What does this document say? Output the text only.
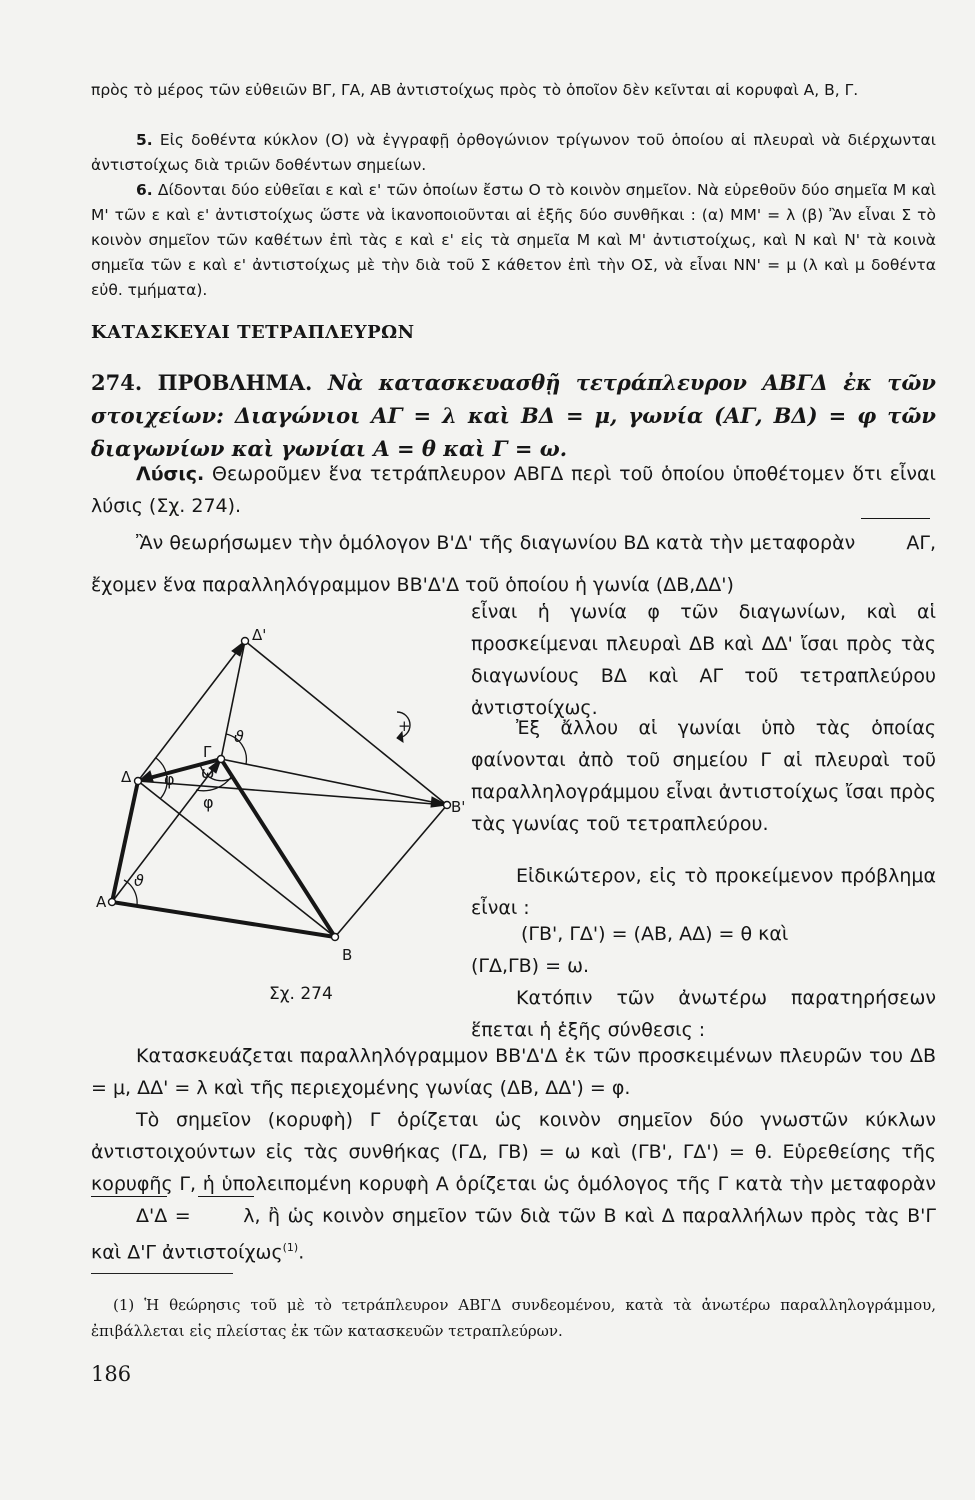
πρὸς τὸ μέρος τῶν εὐθειῶν ΒΓ, ΓΑ, ΑΒ ἀντιστοίχως πρὸς τὸ ὁποῖον δὲν κεῖνται αἱ κορυφαὶ Α, Β, Γ.

5. Εἰς δοθέντα κύκλον (Ο) νὰ ἐγγραφῇ ὀρθογώνιον τρίγωνον τοῦ ὁποίου αἱ πλευραὶ νὰ διέρχωνται ἀντιστοίχως διὰ τριῶν δοθέντων σημείων.

6. Δίδονται δύο εὐθεῖαι ε καὶ ε' τῶν ὁποίων ἔστω Ο τὸ κοινὸν σημεῖον. Νὰ εὑρεθοῦν δύο σημεῖα Μ καὶ Μ' τῶν ε καὶ ε' ἀντιστοίχως ὥστε νὰ ἱκανοποιοῦνται αἱ ἑξῆς δύο συνθῆκαι : (α) ΜΜ' = λ (β) Ἂν εἶναι Σ τὸ κοινὸν σημεῖον τῶν καθέτων ἐπὶ τὰς ε καὶ ε' εἰς τὰ σημεῖα Μ καὶ Μ' ἀντιστοίχως, καὶ Ν καὶ Ν' τὰ κοινὰ σημεῖα τῶν ε καὶ ε' ἀντιστοίχως μὲ τὴν διὰ τοῦ Σ κάθετον ἐπὶ τὴν ΟΣ, νὰ εἶναι ΝΝ' = μ (λ καὶ μ δοθέντα εὐθ. τμήματα).

ΚΑΤΑΣΚΕΥΑΙ ΤΕΤΡΑΠΛΕΥΡΩΝ

274. ΠΡΟΒΛΗΜΑ. Νὰ κατασκευασθῇ τετράπλευρον ΑΒΓΔ ἐκ τῶν στοιχείων: Διαγώνιοι ΑΓ = λ καὶ ΒΔ = μ, γωνία (ΑΓ, ΒΔ) = φ τῶν διαγωνίων καὶ γωνίαι Α = θ καὶ Γ = ω.

Λύσις. Θεωροῦμεν ἕνα τετράπλευρον ΑΒΓΔ περὶ τοῦ ὁποίου ὑποθέτομεν ὅτι εἶναι λύσις (Σχ. 274).

Ἂν θεωρήσωμεν τὴν ὁμόλογον Β'Δ' τῆς διαγωνίου ΒΔ κατὰ τὴν μεταφορὰν	ΑΓ, ἔχομεν ἕνα παραλληλόγραμμον ΒΒ'Δ'Δ τοῦ ὁποίου ἡ γωνία (ΔΒ,ΔΔ')

εἶναι ἡ γωνία φ τῶν διαγωνίων, καὶ αἱ προσκείμεναι πλευραὶ ΔΒ καὶ ΔΔ' ἴσαι πρὸς τὰς διαγωνίους ΒΔ καὶ ΑΓ τοῦ τετραπλεύρου ἀντιστοίχως.

Ἐξ ἄλλου αἱ γωνίαι ὑπὸ τὰς ὁποίας φαίνονται ἀπὸ τοῦ σημείου Γ αἱ πλευραὶ τοῦ παραλληλογράμμου εἶναι ἀντιστοίχως ἴσαι πρὸς τὰς γωνίας τοῦ τετραπλεύρου.

Εἰδικώτερον, εἰς τὸ προκείμενον πρόβλημα εἶναι :

(ΓΒ', ΓΔ') = (ΑΒ, ΑΔ) = θ καὶ

(ΓΔ,ΓΒ) = ω.

Κατόπιν τῶν ἀνωτέρω παρατηρήσεων ἕπεται ἡ ἑξῆς σύνθεσις :

Α
Β
Δ
Γ
Δ'
Β'
φ ω
φ
ϑ
ϑ
+
Σχ. 274

Κατασκευάζεται παραλληλόγραμμον ΒΒ'Δ'Δ ἐκ τῶν προσκειμένων πλευρῶν του ΔΒ = μ, ΔΔ' = λ καὶ τῆς περιεχομένης γωνίας (ΔΒ, ΔΔ') = φ.

Τὸ σημεῖον (κορυφὴ) Γ ὁρίζεται ὡς κοινὸν σημεῖον δύο γνωστῶν κύκλων ἀντιστοιχούντων εἰς τὰς συνθήκας (ΓΔ, ΓΒ) = ω καὶ (ΓΒ', ΓΔ') = θ. Εὑρεθείσης τῆς κορυφῆς Γ, ἡ ὑπολειπομένη κορυφὴ Α ὁρίζεται ὡς ὁμόλογος τῆς Γ κατὰ τὴν μεταφορὰν Δ'Δ = λ, ἢ ὡς κοινὸν σημεῖον τῶν διὰ τῶν Β καὶ Δ παραλλήλων πρὸς τὰς Β'Γ καὶ Δ'Γ ἀντιστοίχως$^{(1)}$.

(1) Ἡ θεώρησις τοῦ μὲ τὸ τετράπλευρον ΑΒΓΔ συνδεομένου, κατὰ τὰ ἀνωτέρω παραλληλογράμμου, ἐπιβάλλεται εἰς πλείστας ἐκ τῶν κατασκευῶν τετραπλεύρων.

186
